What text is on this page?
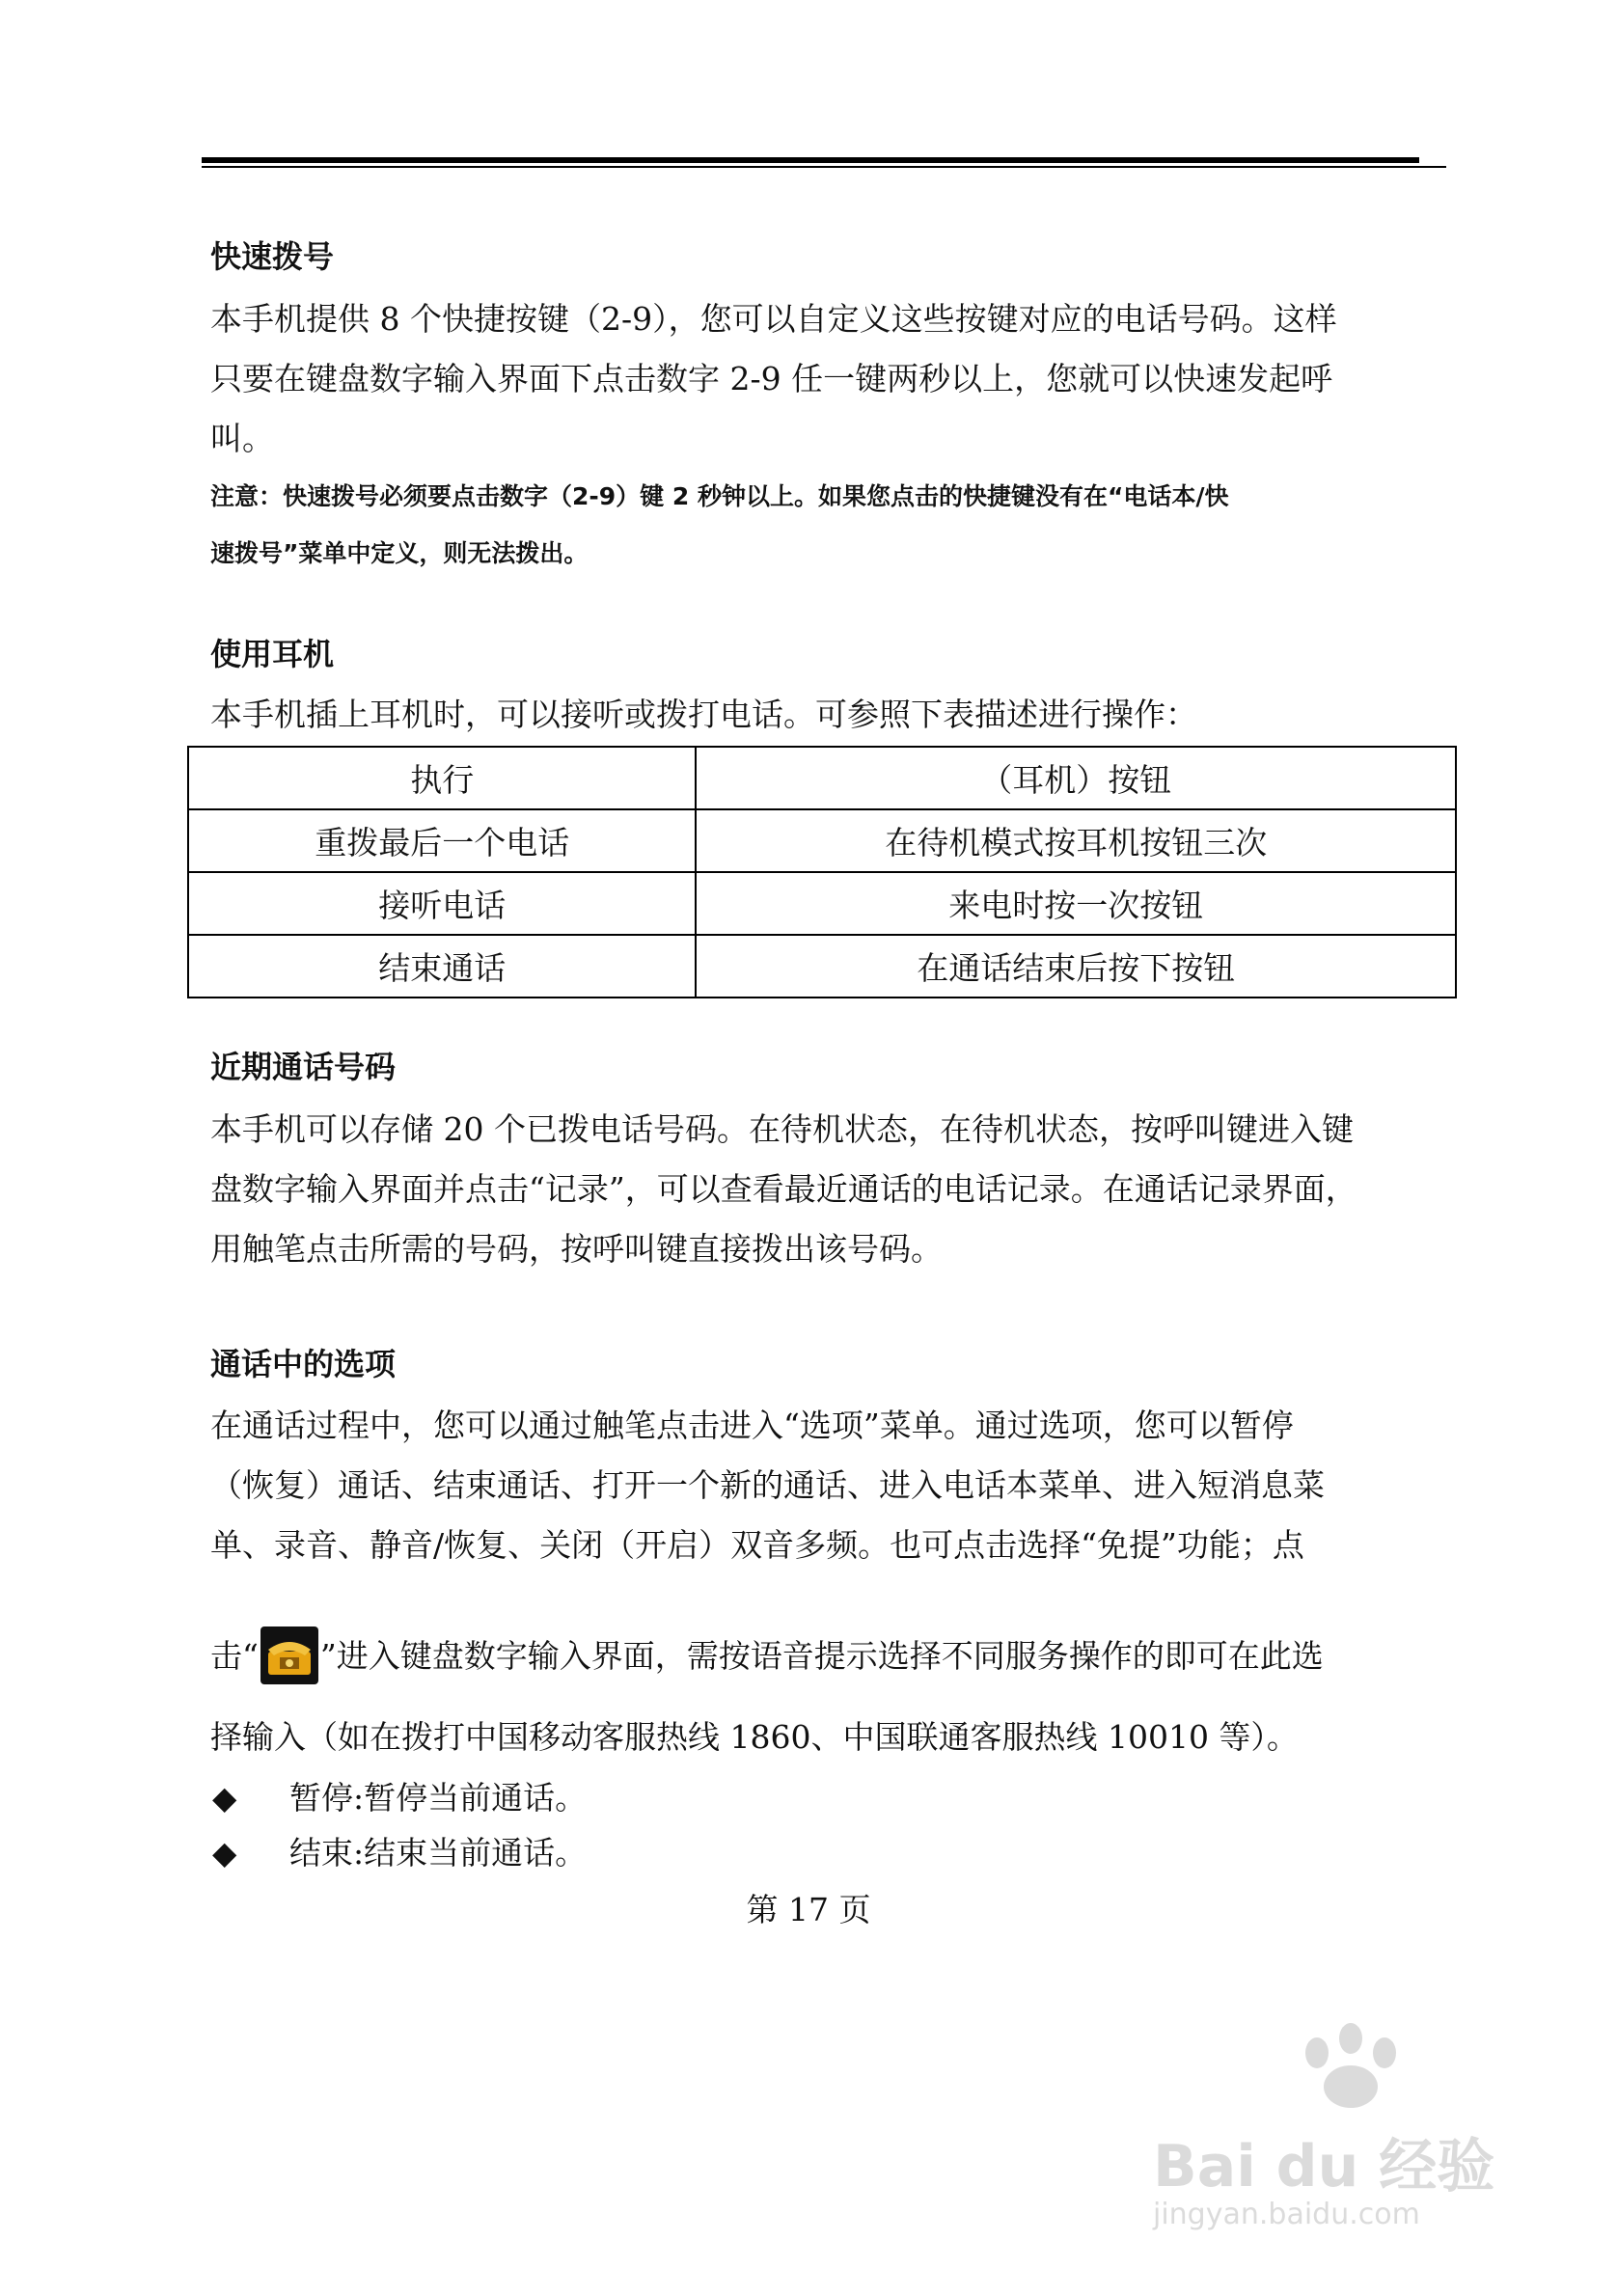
快速拨号

本手机提供 8 个快捷按键（2-9），您可以自定义这些按键对应的电话号码。这样

只要在键盘数字输入界面下点击数字 2-9 任一键两秒以上，您就可以快速发起呼

叫。

注意：快速拨号必须要点击数字（2-9）键 2 秒钟以上。如果您点击的快捷键没有在“电话本/快

速拨号”菜单中定义，则无法拨出。

使用耳机

本手机插上耳机时，可以接听或拨打电话。可参照下表描述进行操作：

执行	（耳机）按钮
重拨最后一个电话	在待机模式按耳机按钮三次
接听电话	来电时按一次按钮
结束通话	在通话结束后按下按钮

近期通话号码

本手机可以存储 20 个已拨电话号码。在待机状态，在待机状态，按呼叫键进入键

盘数字输入界面并点击“记录”，可以查看最近通话的电话记录。在通话记录界面，

用触笔点击所需的号码，按呼叫键直接拨出该号码。

通话中的选项

在通话过程中，您可以通过触笔点击进入“选项”菜单。通过选项，您可以暂停

（恢复）通话、结束通话、打开一个新的通话、进入电话本菜单、进入短消息菜

单、录音、静音/恢复、关闭（开启）双音多频。也可点击选择“免提”功能；点

击“ ”进入键盘数字输入界面，需按语音提示选择不同服务操作的即可在此选

择输入（如在拨打中国移动客服热线 1860、中国联通客服热线 10010 等）。

◆ 暂停:暂停当前通话。
◆ 结束:结束当前通话。
第 17 页
Bai du 经验
jingyan.baidu.com
